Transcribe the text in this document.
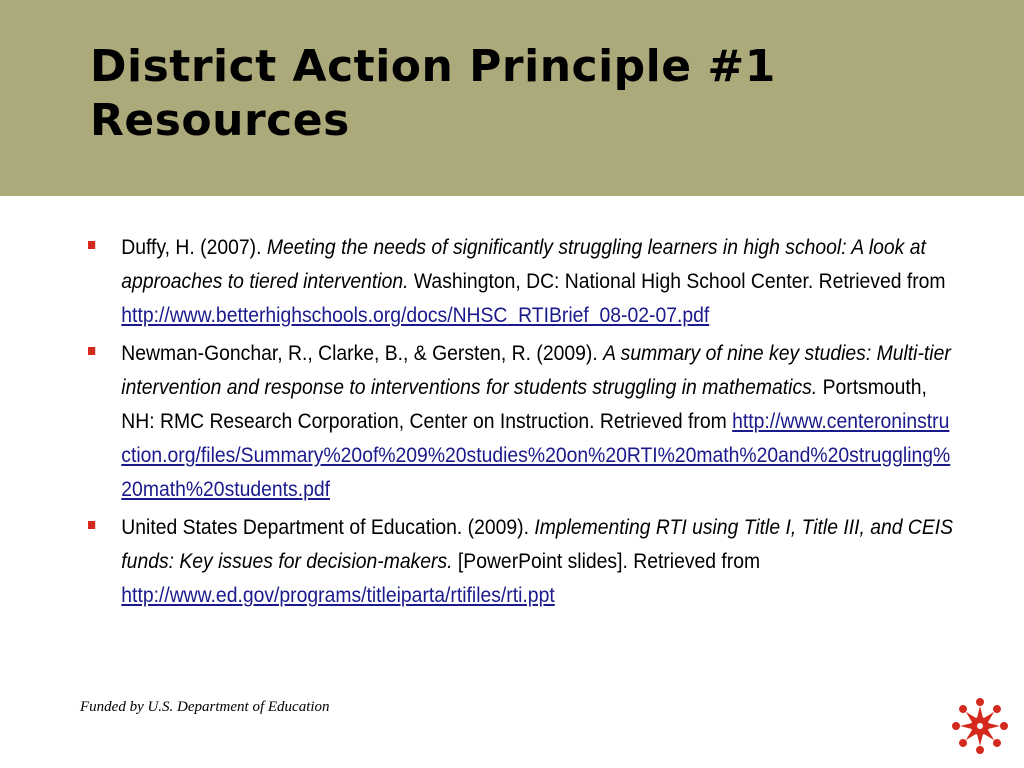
District Action Principle #1
Resources
Duffy, H. (2007). Meeting the needs of significantly struggling learners in high school: A look at approaches to tiered intervention. Washington, DC: National High School Center. Retrieved from http://www.betterhighschools.org/docs/NHSC_RTIBrief_08-02-07.pdf
Newman-Gonchar, R., Clarke, B., & Gersten, R. (2009). A summary of nine key studies: Multi-tier intervention and response to interventions for students struggling in mathematics. Portsmouth, NH: RMC Research Corporation, Center on Instruction. Retrieved from http://www.centeroninstruction.org/files/Summary%20of%209%20studies%20on%20RTI%20math%20and%20struggling%20math%20students.pdf
United States Department of Education. (2009). Implementing RTI using Title I, Title III, and CEIS funds: Key issues for decision-makers. [PowerPoint slides]. Retrieved from http://www.ed.gov/programs/titleiparta/rtifiles/rti.ppt
Funded by U.S. Department of Education
